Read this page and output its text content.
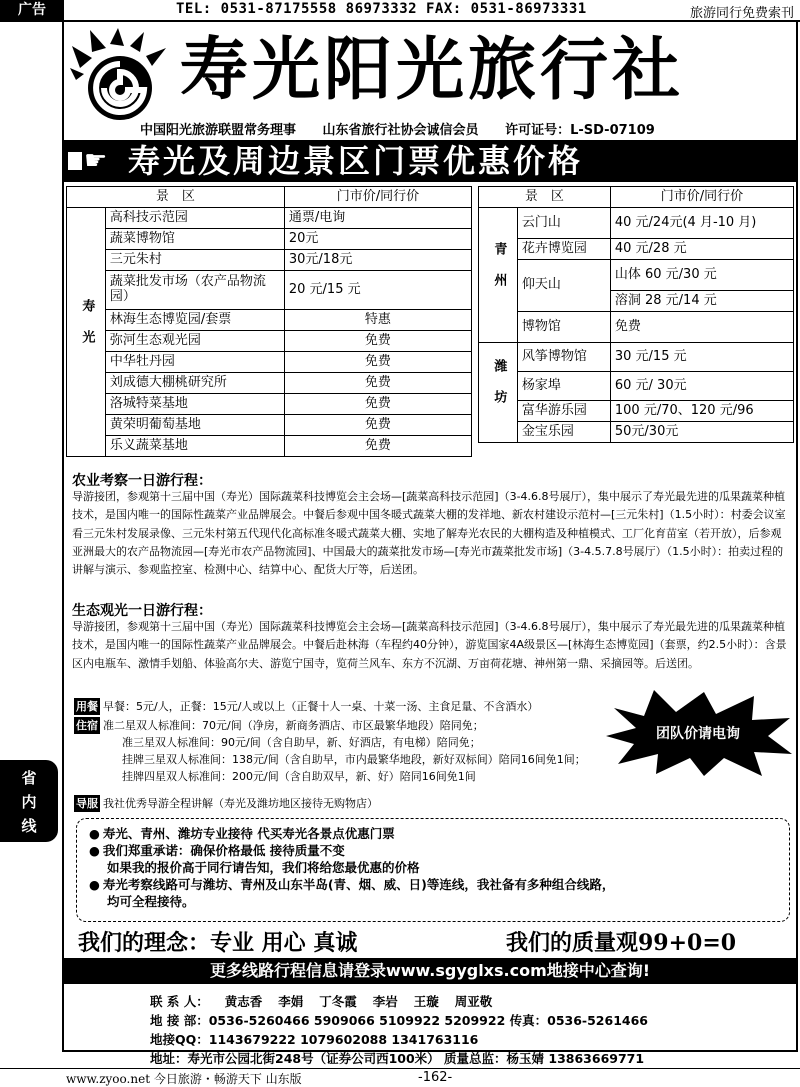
广告	TEL: 0531-87175558 86973332 FAX: 0531-86973331	旅游同行免费索刊
寿光阳光旅行社
中国阳光旅游联盟常务理事 山东省旅行社协会诚信会员 许可证号：L-SD-07109
☛ 寿光及周边景区门票优惠价格
景　区		门市价/同行价
寿光	高科技示范园	通票/电询
	蔬菜博物馆	20元
	三元朱村	30元/18元
	蔬菜批发市场（农产品物流园）	20 元/15 元
	林海生态博览园/套票	特惠
	弥河生态观光园	免费
	中华牡丹园	免费
	刘成德大棚桃研究所	免费
	洛城特菜基地	免费
	黄荣明葡萄基地	免费
	乐义蔬菜基地	免费
景　区		门市价/同行价
青州	云门山	40 元/24元(4 月-10 月)
	花卉博览园	40 元/28 元
	仰天山	山体 60 元/30 元
		溶洞 28 元/14 元
	博物馆	免费
潍坊	风筝博物馆	30 元/15 元
	杨家埠	60 元/ 30元
	富华游乐园	100 元/70、120 元/96
	金宝乐园	50元/30元
农业考察一日游行程：
导游接团，参观第十三届中国（寿光）国际蔬菜科技博览会主会场—[蔬菜高科技示范园]（3-4.6.8号展厅），集中展示了寿光最先进的瓜果蔬菜种植技术，是国内唯一的国际性蔬菜产业品牌展会。中餐后参观中国冬暖式蔬菜大棚的发祥地、新农村建设示范村—[三元朱村]（1.5小时）：村委会议室看三元朱村发展录像、三元朱村第五代现代化高标准冬暖式蔬菜大棚、实地了解寿光农民的大棚构造及种植模式、工厂化育苗室（若开放），后参观亚洲最大的农产品物流园—[寿光市农产品物流园]、中国最大的蔬菜批发市场—[寿光市蔬菜批发市场]（3-4.5.7.8号展厅）（1.5小时）：拍卖过程的讲解与演示、参观监控室、检测中心、结算中心、配货大厅等，后送团。
生态观光一日游行程：
导游接团，参观第十三届中国（寿光）国际蔬菜科技博览会主会场—[蔬菜高科技示范园]（3-4.6.8号展厅），集中展示了寿光最先进的瓜果蔬菜种植技术，是国内唯一的国际性蔬菜产业品牌展会。中餐后赴林海（车程约40分钟），游览国家4A级景区—[林海生态博览园]（套票，约2.5小时）：含景区内电瓶车、激情手划船、体验高尔夫、游览宁国寺，览荷兰风车、东方不沉湖、万亩荷花塘、神州第一鼎、采摘园等。后送团。
用餐 早餐：5元/人，正餐：15元/人或以上（正餐十人一桌、十菜一汤、主食足量、不含酒水）
住宿 准二星双人标准间：70元/间（净房，新商务酒店、市区最繁华地段）陪同免；
准三星双人标准间：90元/间（含自助早，新、好酒店，有电梯）陪同免；
挂牌三星双人标准间：138元/间（含自助早，市内最繁华地段，新好双标间）陪同16间免1间；
挂牌四星双人标准间：200元/间（含自助双早，新、好）陪同16间免1间
导服 我社优秀导游全程讲解（寿光及潍坊地区接待无购物店）
团队价请电询
省内线	● 寿光、青州、潍坊专业接待 代买寿光各景点优惠门票
● 我们郑重承诺：确保价格最低 接待质量不变
如果我的报价高于同行请告知，我们将给您最优惠的价格
● 寿光考察线路可与潍坊、青州及山东半岛(青、烟、威、日)等连线，我社备有多种组合线路，
均可全程接待。
我们的理念：专业 用心 真诚	我们的质量观99+0=0
更多线路行程信息请登录www.sgyglxs.com地接中心查询!
联 系 人： 黄志香 李娟 丁冬霞 李岩 王璇 周亚敬
地 接 部：0536-5260466 5909066 5109922 5209922 传真：0536-5261466
地接QQ：1143679222 1079602088 1341763116
地址：寿光市公园北街248号（证券公司西100米） 质量总监：杨玉婧 13863669771
www.zyoo.net 今日旅游・畅游天下 山东版	-162-
